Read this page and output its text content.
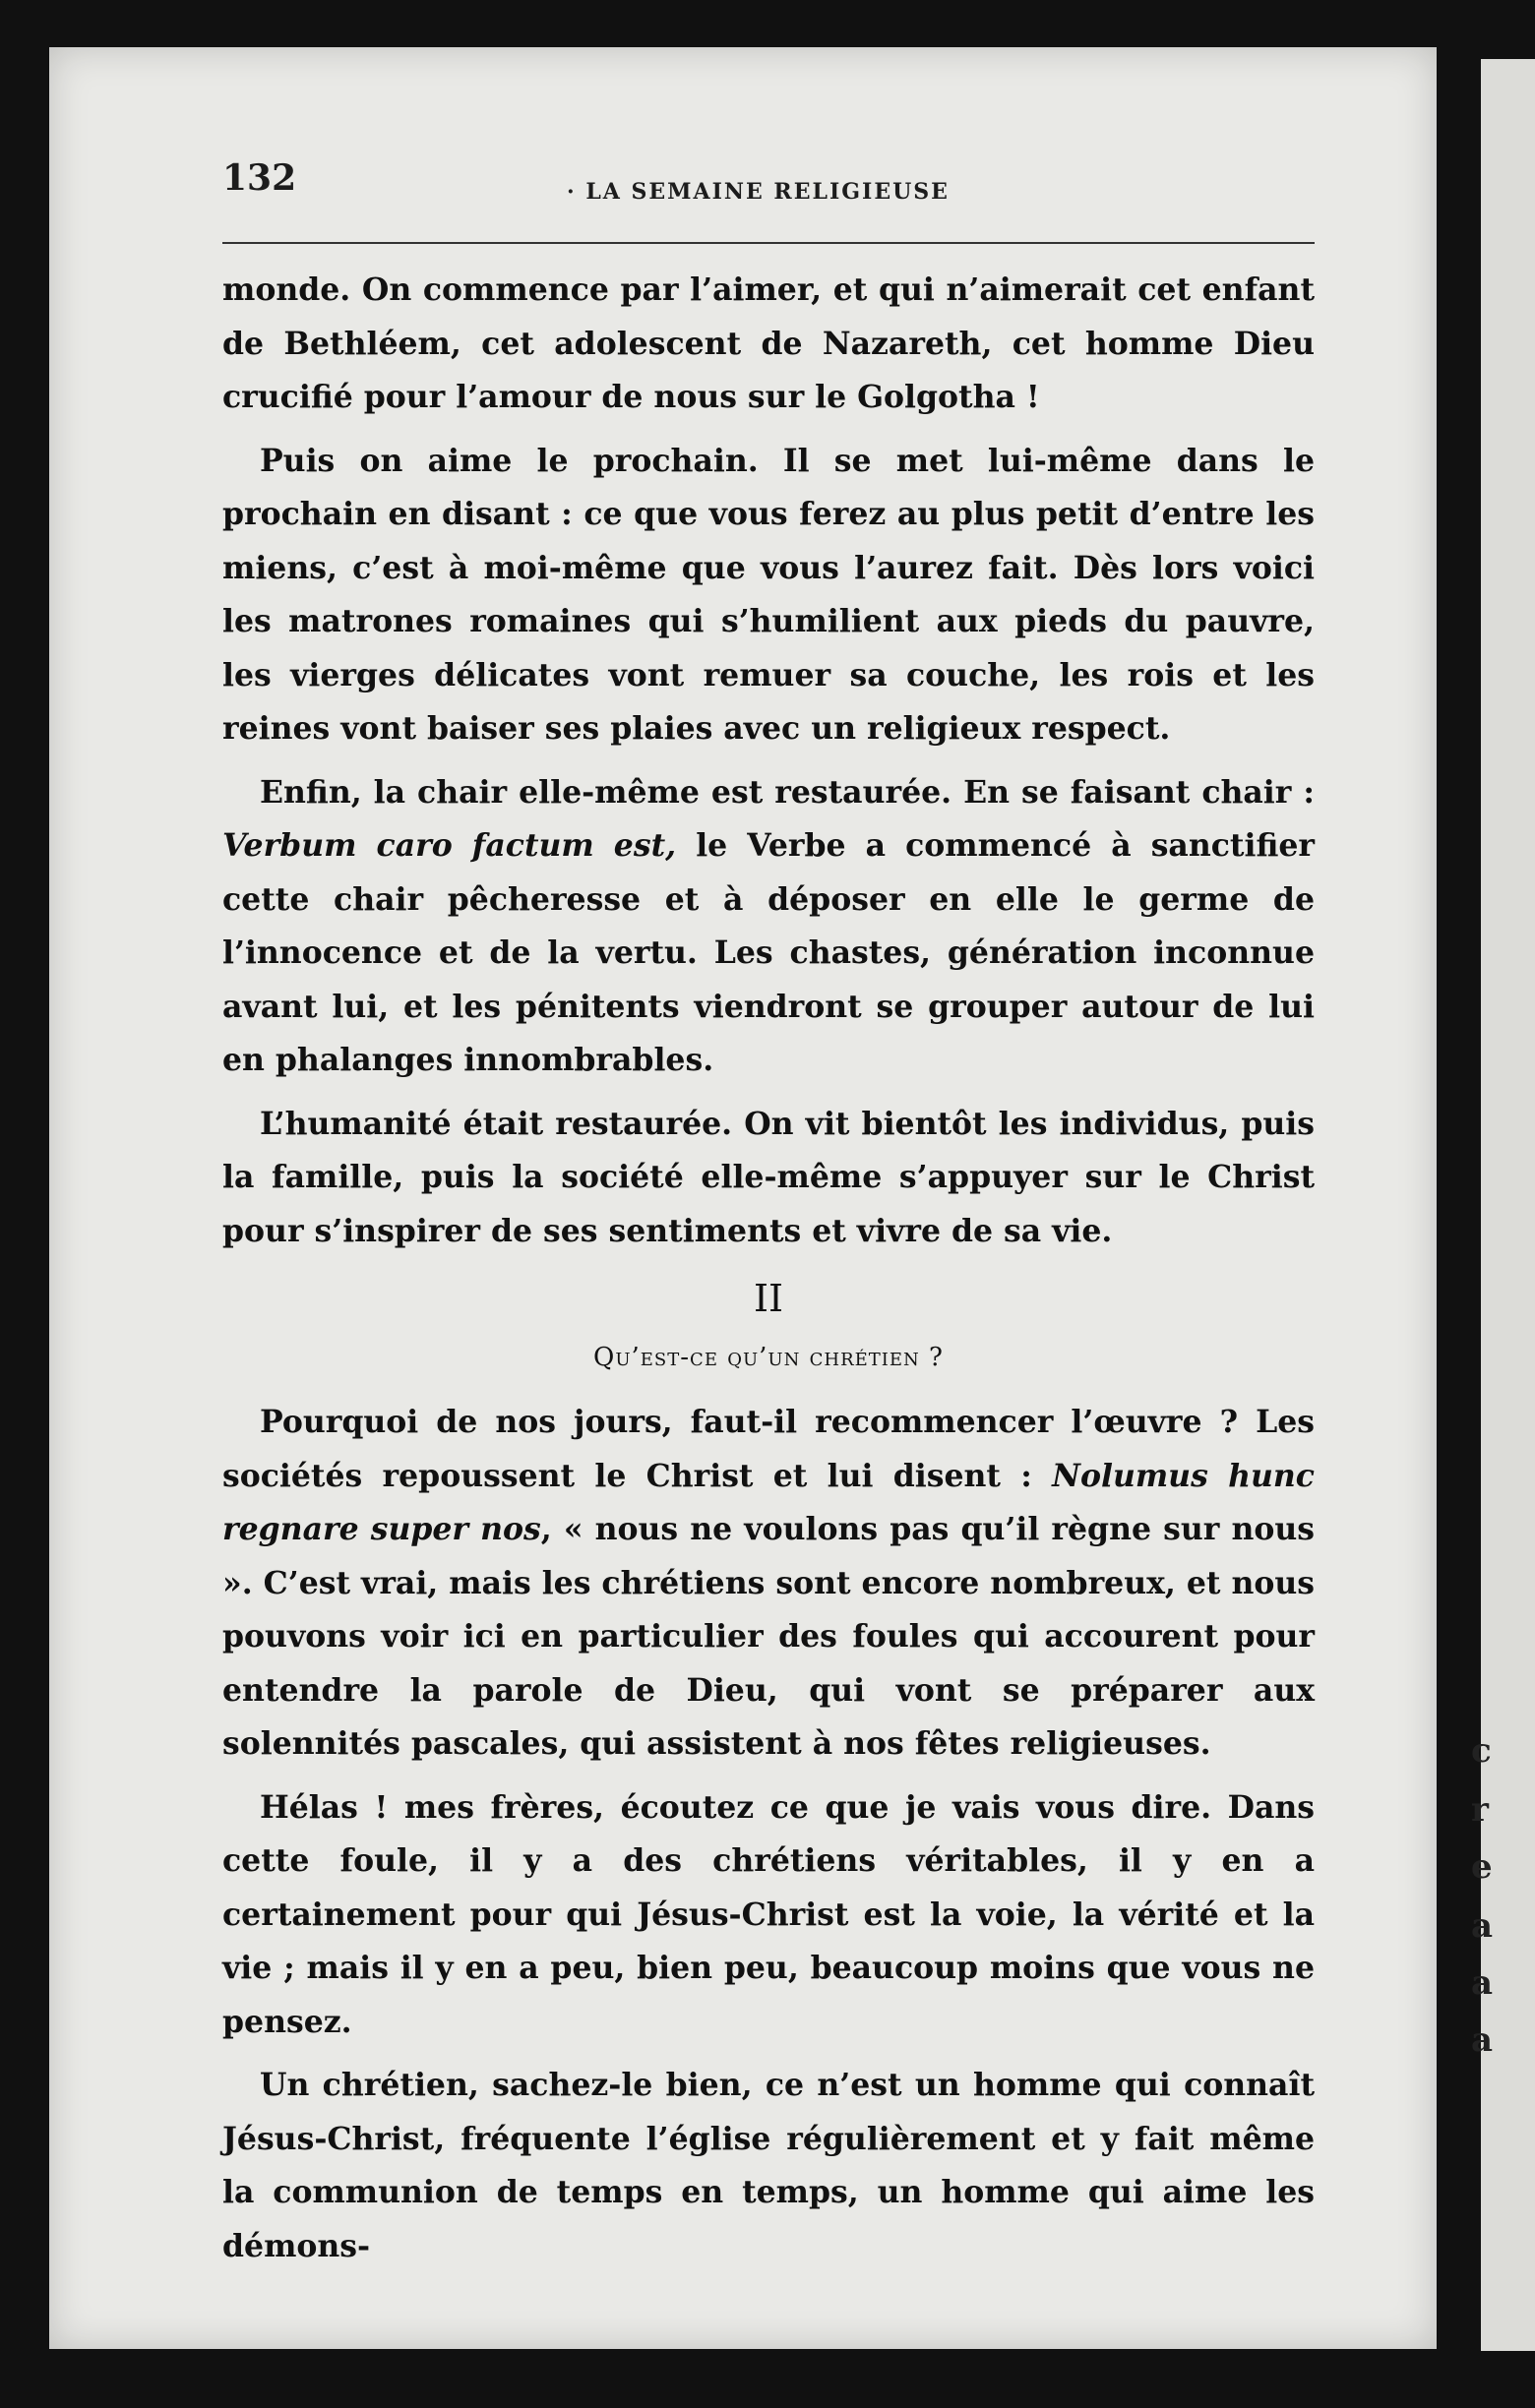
c
r
e
a
a
a
132	· LA SEMAINE RELIGIEUSE

monde. On commence par l’aimer, et qui n’aimerait cet enfant de Bethléem, cet adolescent de Nazareth, cet homme Dieu crucifié pour l’amour de nous sur le Golgotha !

Puis on aime le prochain. Il se met lui-même dans le prochain en disant : ce que vous ferez au plus petit d’entre les miens, c’est à moi-même que vous l’aurez fait. Dès lors voici les matrones romaines qui s’humilient aux pieds du pauvre, les vierges délicates vont remuer sa couche, les rois et les reines vont baiser ses plaies avec un religieux respect.

Enfin, la chair elle-même est restaurée. En se faisant chair : Verbum caro factum est, le Verbe a commencé à sanctifier cette chair pêcheresse et à déposer en elle le germe de l’innocence et de la vertu. Les chastes, génération inconnue avant lui, et les pénitents viendront se grouper autour de lui en phalanges innombrables.

L’humanité était restaurée. On vit bientôt les individus, puis la famille, puis la société elle-même s’appuyer sur le Christ pour s’inspirer de ses sentiments et vivre de sa vie.

II
Qu’est-ce qu’un chrétien ?

Pourquoi de nos jours, faut-il recommencer l’œuvre ? Les sociétés repoussent le Christ et lui disent : Nolumus hunc regnare super nos, « nous ne voulons pas qu’il règne sur nous ». C’est vrai, mais les chrétiens sont encore nombreux, et nous pouvons voir ici en particulier des foules qui accourent pour entendre la parole de Dieu, qui vont se préparer aux solennités pascales, qui assistent à nos fêtes religieuses.

Hélas ! mes frères, écoutez ce que je vais vous dire. Dans cette foule, il y a des chrétiens véritables, il y en a certainement pour qui Jésus-Christ est la voie, la vérité et la vie ; mais il y en a peu, bien peu, beaucoup moins que vous ne pensez.

Un chrétien, sachez-le bien, ce n’est un homme qui connaît Jésus-Christ, fréquente l’église régulièrement et y fait même la communion de temps en temps, un homme qui aime les démons-
